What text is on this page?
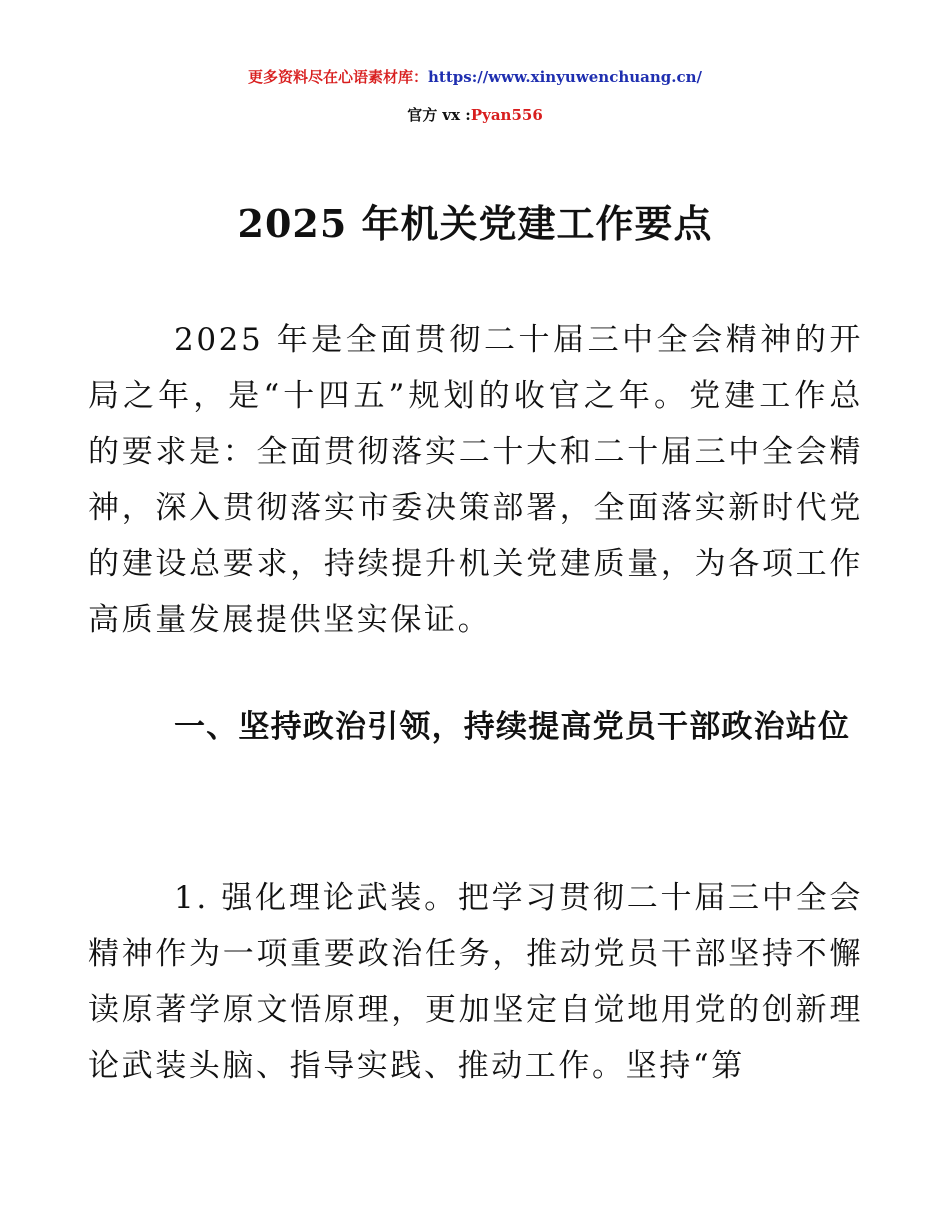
更多资料尽在心语素材库：https://www.xinyuwenchuang.cn/
官方 vx :Pyan556
2025 年机关党建工作要点

2025 年是全面贯彻二十届三中全会精神的开局之年，是“十四五”规划的收官之年。党建工作总的要求是：全面贯彻落实二十大和二十届三中全会精神，深入贯彻落实市委决策部署，全面落实新时代党的建设总要求，持续提升机关党建质量，为各项工作高质量发展提供坚实保证。

一、坚持政治引领，持续提高党员干部政治站位

1. 强化理论武装。把学习贯彻二十届三中全会精神作为一项重要政治任务，推动党员干部坚持不懈读原著学原文悟原理，更加坚定自觉地用党的创新理论武装头脑、指导实践、推动工作。坚持“第
